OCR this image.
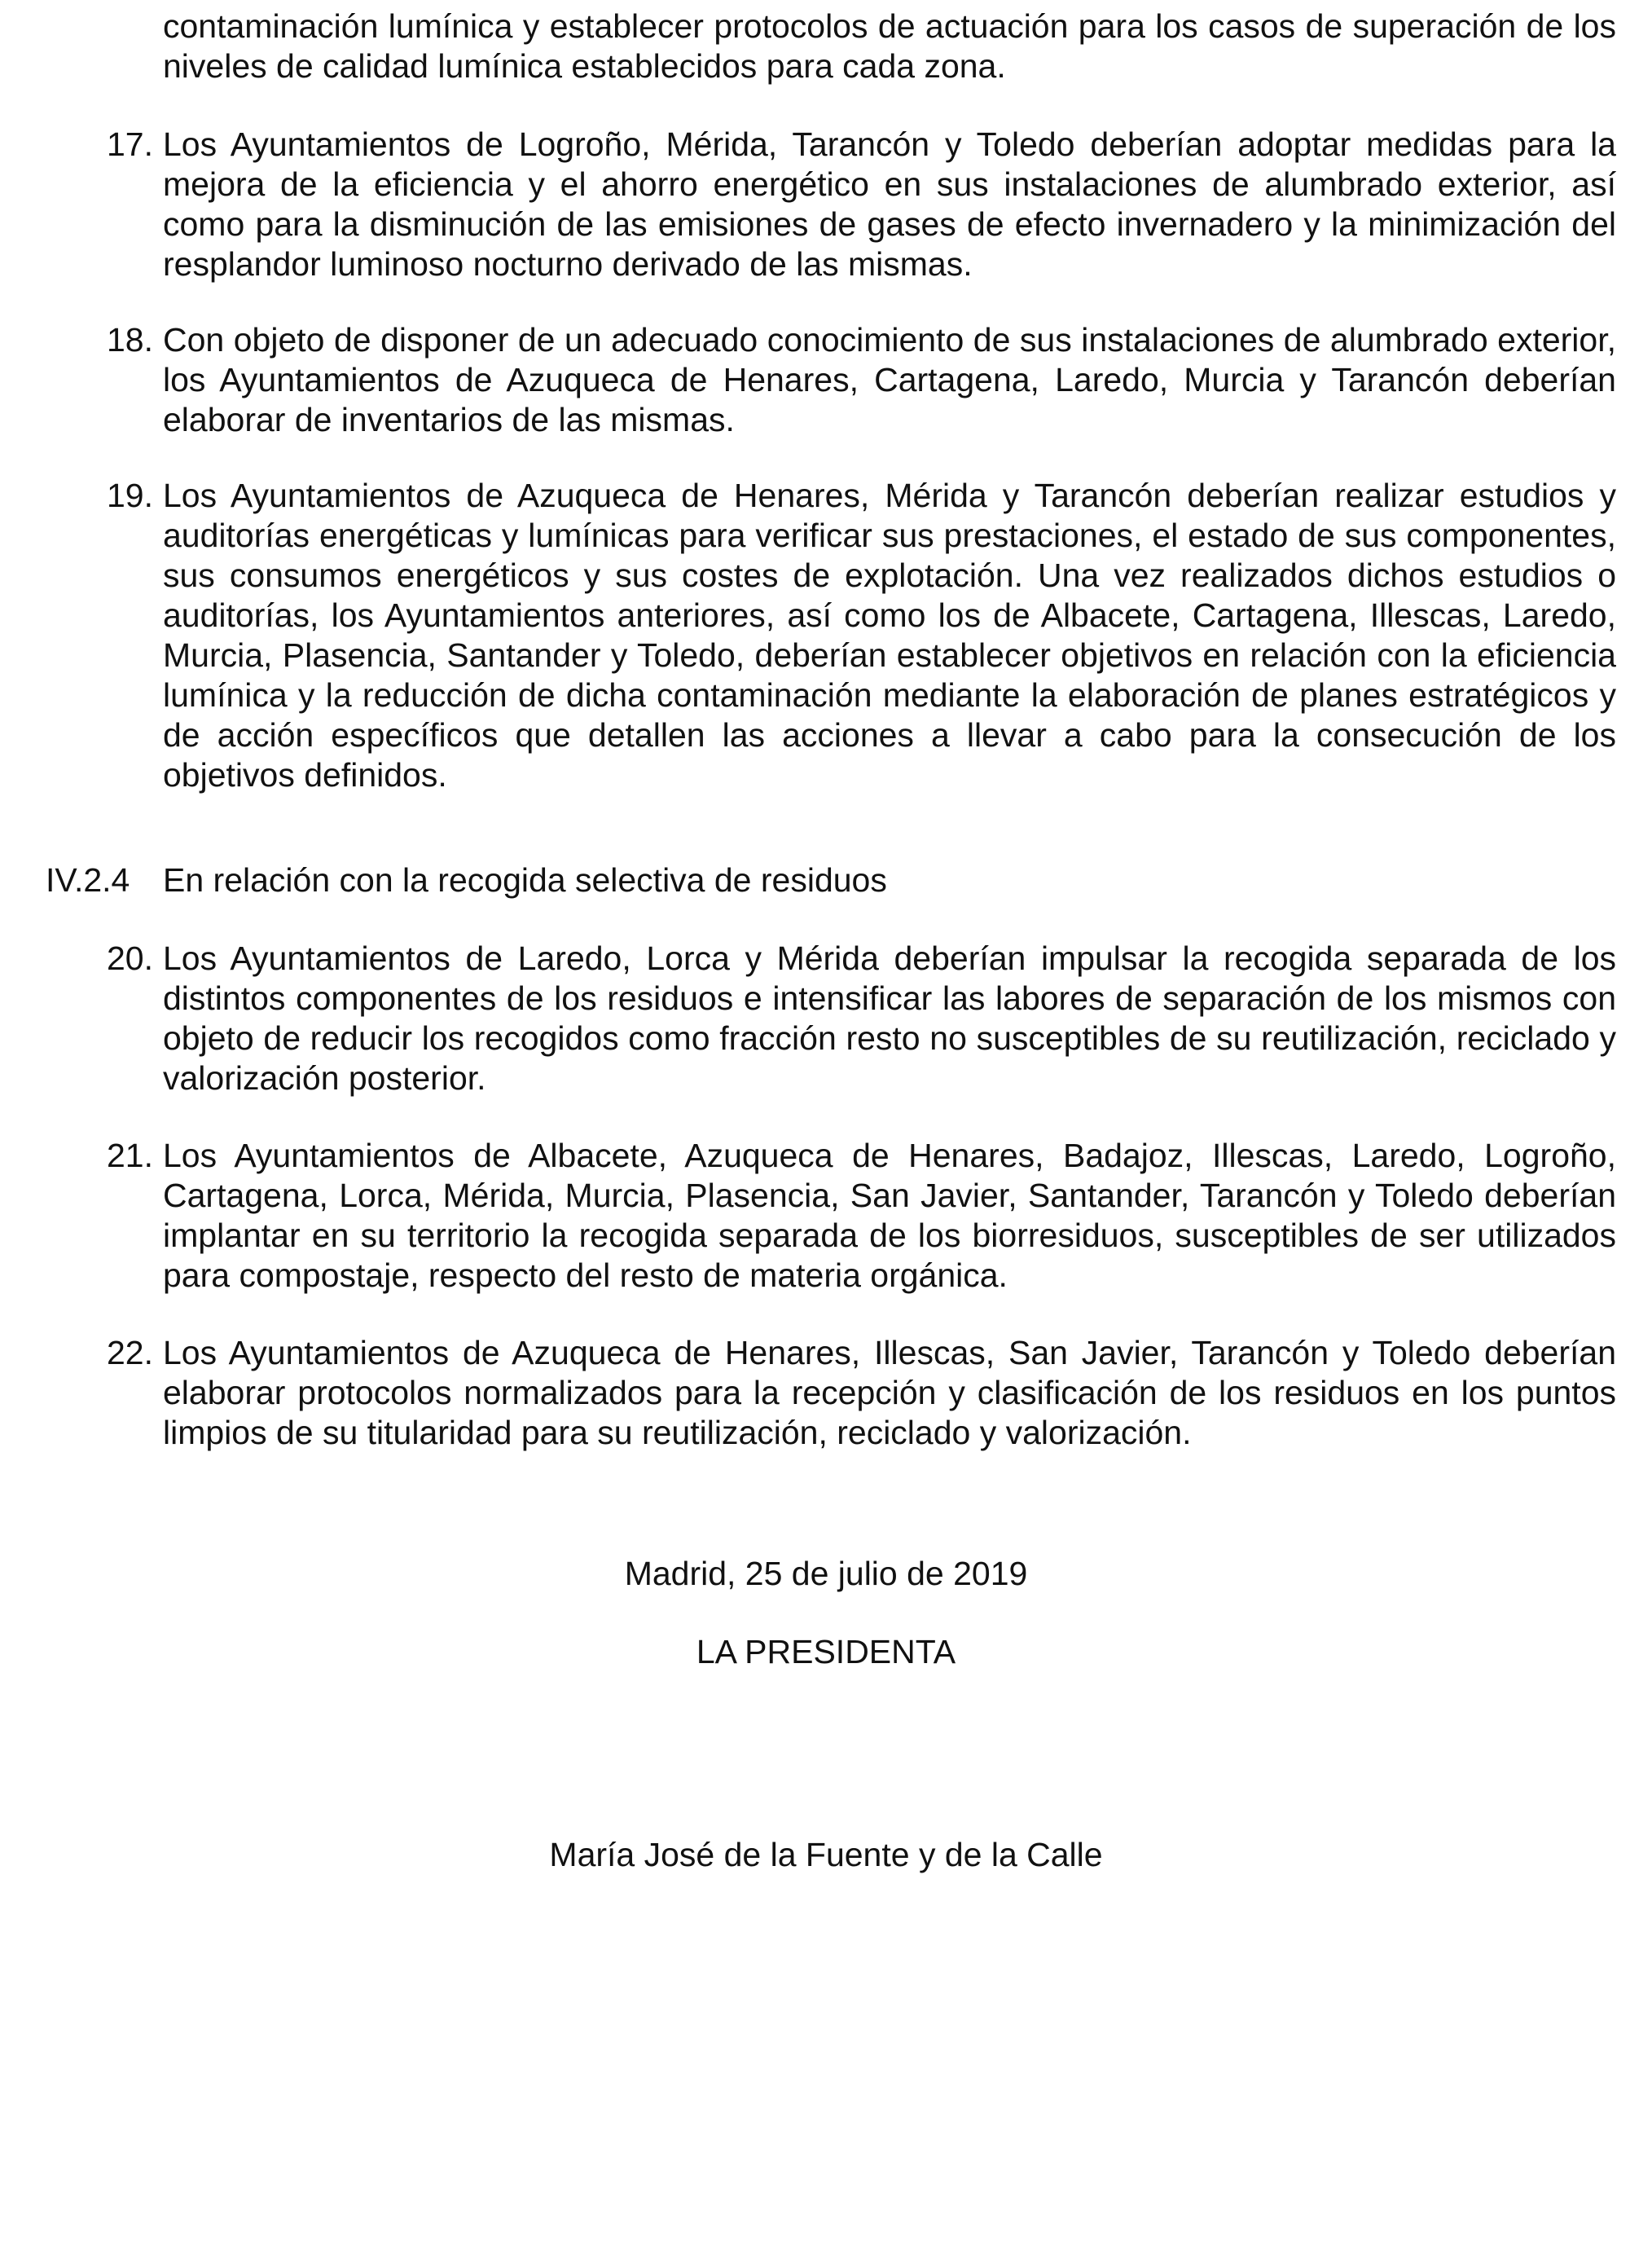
contaminación lumínica y establecer protocolos de actuación para los casos de superación de los niveles de calidad lumínica establecidos para cada zona.

17. Los Ayuntamientos de Logroño, Mérida, Tarancón y Toledo deberían adoptar medidas para la mejora de la eficiencia y el ahorro energético en sus instalaciones de alumbrado exterior, así como para la disminución de las emisiones de gases de efecto invernadero y la minimización del resplandor luminoso nocturno derivado de las mismas.

18. Con objeto de disponer de un adecuado conocimiento de sus instalaciones de alumbrado exterior, los Ayuntamientos de Azuqueca de Henares, Cartagena, Laredo, Murcia y Tarancón deberían elaborar de inventarios de las mismas.

19. Los Ayuntamientos de Azuqueca de Henares, Mérida y Tarancón deberían realizar estudios y auditorías energéticas y lumínicas para verificar sus prestaciones, el estado de sus componentes, sus consumos energéticos y sus costes de explotación. Una vez realizados dichos estudios o auditorías, los Ayuntamientos anteriores, así como los de Albacete, Cartagena, Illescas, Laredo, Murcia, Plasencia, Santander y Toledo, deberían establecer objetivos en relación con la eficiencia lumínica y la reducción de dicha contaminación mediante la elaboración de planes estratégicos y de acción específicos que detallen las acciones a llevar a cabo para la consecución de los objetivos definidos.

IV.2.4 En relación con la recogida selectiva de residuos
20. Los Ayuntamientos de Laredo, Lorca y Mérida deberían impulsar la recogida separada de los distintos componentes de los residuos e intensificar las labores de separación de los mismos con objeto de reducir los recogidos como fracción resto no susceptibles de su reutilización, reciclado y valorización posterior.

21. Los Ayuntamientos de Albacete, Azuqueca de Henares, Badajoz, Illescas, Laredo, Logroño, Cartagena, Lorca, Mérida, Murcia, Plasencia, San Javier, Santander, Tarancón y Toledo deberían implantar en su territorio la recogida separada de los biorresiduos, susceptibles de ser utilizados para compostaje, respecto del resto de materia orgánica.

22. Los Ayuntamientos de Azuqueca de Henares, Illescas, San Javier, Tarancón y Toledo deberían elaborar protocolos normalizados para la recepción y clasificación de los residuos en los puntos limpios de su titularidad para su reutilización, reciclado y valorización.

Madrid, 25 de julio de 2019
LA PRESIDENTA
María José de la Fuente y de la Calle
